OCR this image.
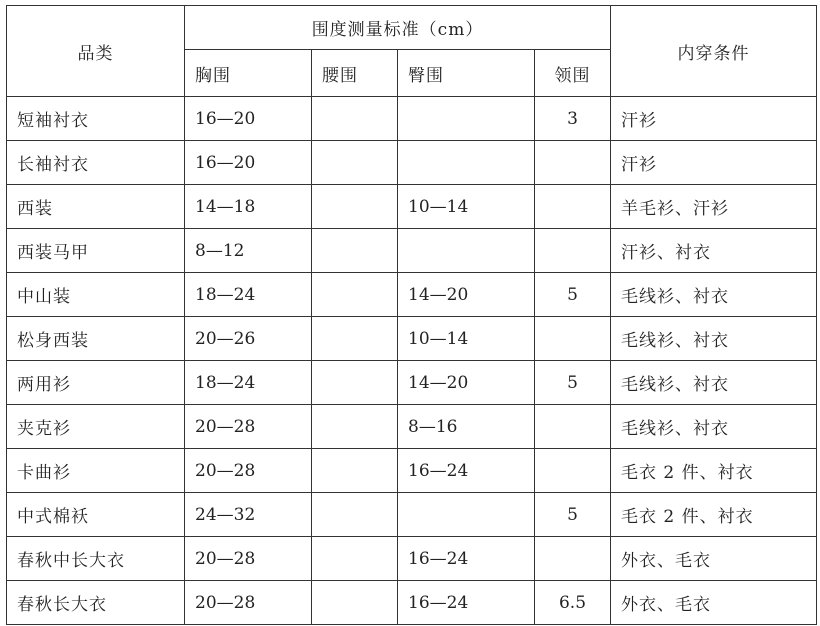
品类	围度测量标准（cm）				内穿条件
	胸围	腰围	臀围	领围	
短袖衬衣	16—20			3	汗衫
长袖衬衣	16—20				汗衫
西装	14—18		10—14		羊毛衫、汗衫
西装马甲	8—12				汗衫、衬衣
中山装	18—24		14—20	5	毛线衫、衬衣
松身西装	20—26		10—14		毛线衫、衬衣
两用衫	18—24		14—20	5	毛线衫、衬衣
夹克衫	20—28		8—16		毛线衫、衬衣
卡曲衫	20—28		16—24		毛衣 2 件、衬衣
中式棉袄	24—32			5	毛衣 2 件、衬衣
春秋中长大衣	20—28		16—24		外衣、毛衣
春秋长大衣	20—28		16—24	6.5	外衣、毛衣
